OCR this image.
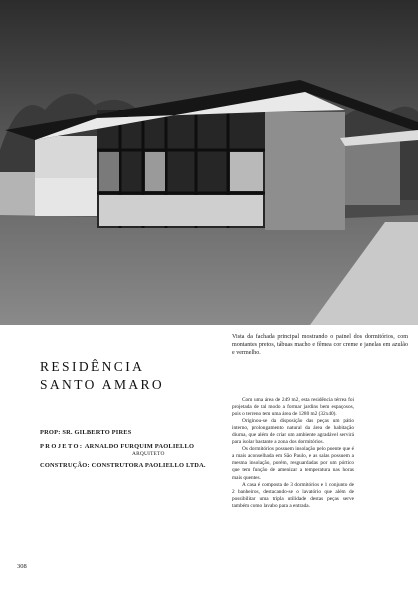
Vista da fachada principal mostrando o painel dos dormitórios, com montantes pretos, tábuas macho e fêmea cor creme e janelas em azulão e vermelho.
RESIDÊNCIA
SANTO AMARO
PROP: SR. GILBERTO PIRES
PROJETO: ARNALDO FURQUIM PAOLIELLO
ARQUITETO
CONSTRUÇÃO: CONSTRUTORA PAOLIELLO LTDA.

Com uma área de 249 m2, esta residência térrea foi projetada de tal modo a formar jardins bem espaçosos, pois o terreno tem uma área de 1280 m2 (32x40).

Originou-se da disposição das peças um pátio interno, prolongamento natural da área de habitação diurna, que além de criar um ambiente agradável servirá para isolar bastante a zona dos dormitórios.

Os dormitórios possuem insolação pelo poente que é a mais aconselhada em São Paulo, e as salas possuem a mesma insolação, porém, resguardadas por um pórtico que tem função de amenizar a temperatura nas horas mais quentes.

A casa é composta de 3 dormitórios e 1 conjunto de 2 banheiros, destacando-se o lavatório que além de possibilitar uma tripla utilidade destas peças serve também como lavabo para a entrada.

308
